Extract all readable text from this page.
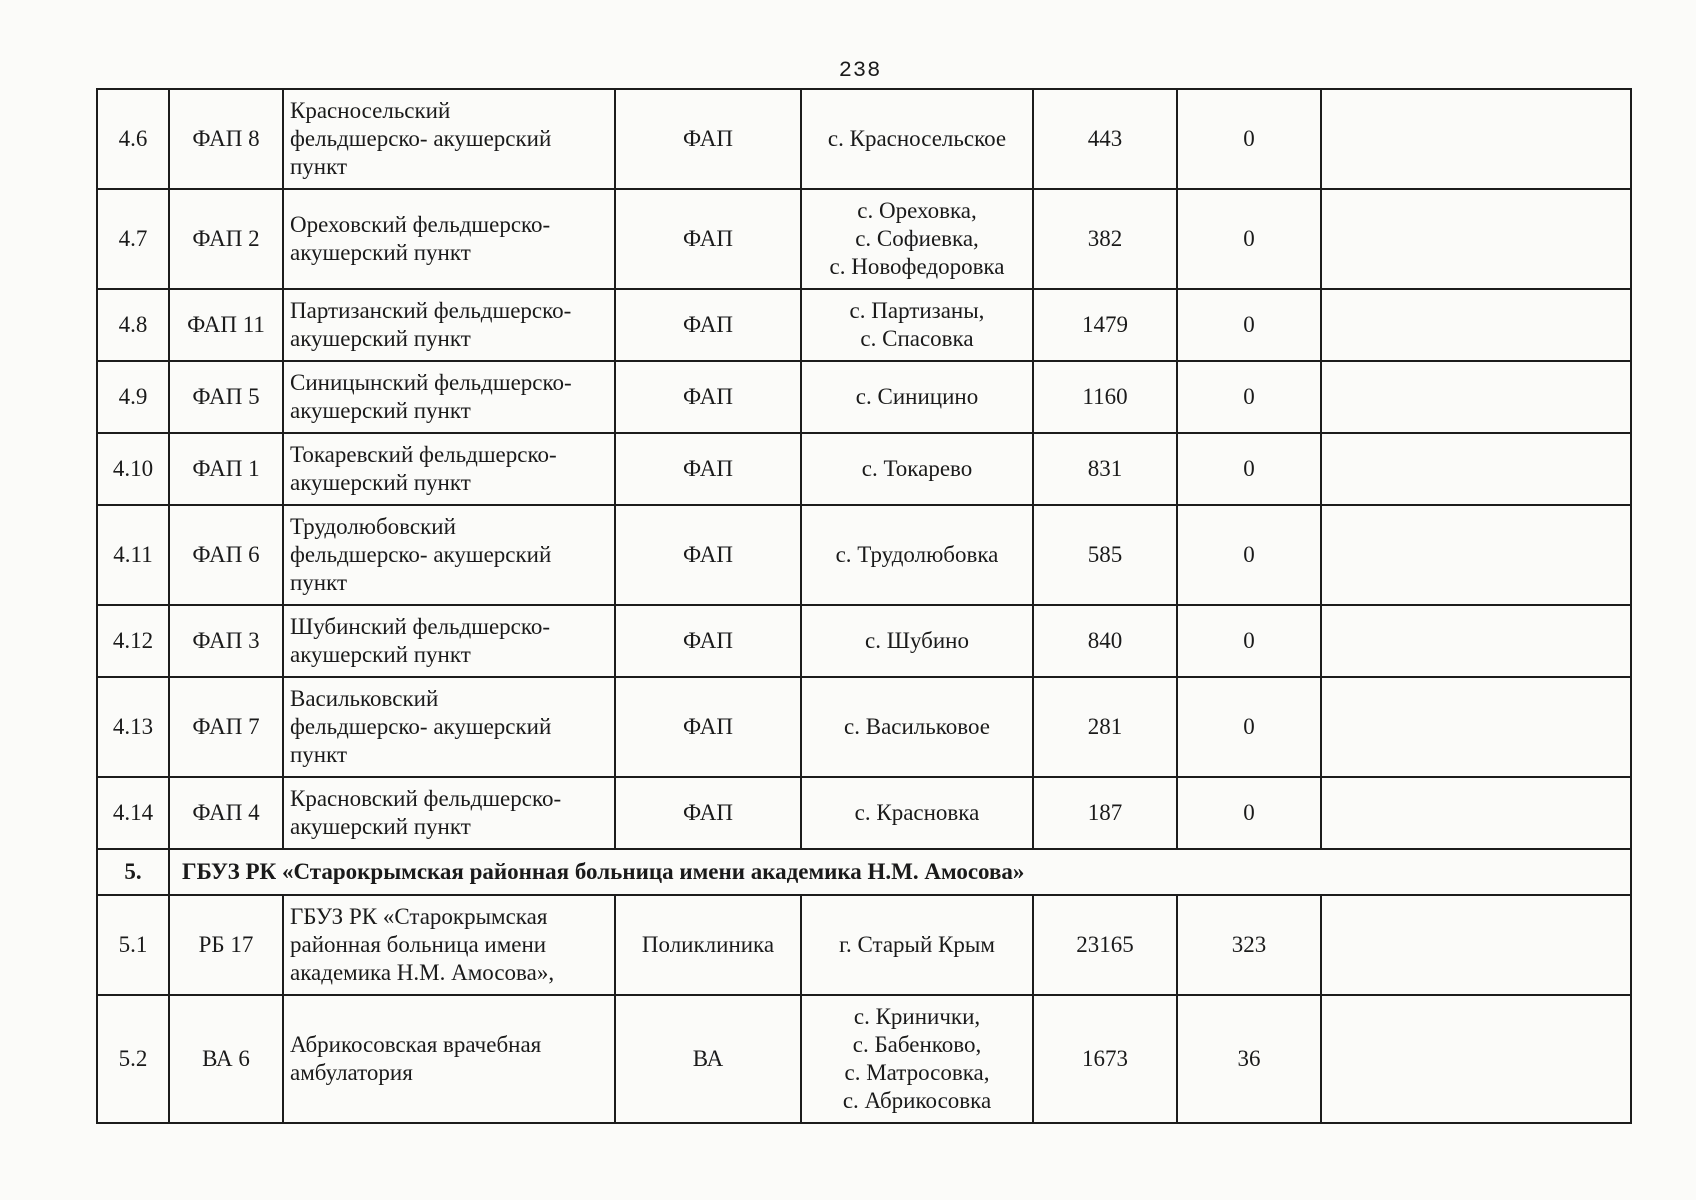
238
4.6	ФАП 8	Красносельский
фельдшерско- акушерский
пункт	ФАП	с. Красносельское	443	0	
4.7	ФАП 2	Ореховский фельдшерско-
акушерский пункт	ФАП	с. Ореховка,
с. Софиевка,
с. Новофедоровка	382	0	
4.8	ФАП 11	Партизанский фельдшерско-
акушерский пункт	ФАП	с. Партизаны,
с. Спасовка	1479	0	
4.9	ФАП 5	Синицынский фельдшерско-
акушерский пункт	ФАП	с. Синицино	1160	0	
4.10	ФАП 1	Токаревский фельдшерско-
акушерский пункт	ФАП	с. Токарево	831	0	
4.11	ФАП 6	Трудолюбовский
фельдшерско- акушерский
пункт	ФАП	с. Трудолюбовка	585	0	
4.12	ФАП 3	Шубинский фельдшерско-
акушерский пункт	ФАП	с. Шубино	840	0	
4.13	ФАП 7	Васильковский
фельдшерско- акушерский
пункт	ФАП	с. Васильковое	281	0	
4.14	ФАП 4	Красновский фельдшерско-
акушерский пункт	ФАП	с. Красновка	187	0	
5.	ГБУЗ РК «Старокрымская районная больница имени академика Н.М. Амосова»						
5.1	РБ 17	ГБУЗ РК «Старокрымская
районная больница имени
академика Н.М. Амосова»,	Поликлиника	г. Старый Крым	23165	323	
5.2	ВА 6	Абрикосовская врачебная
амбулатория	ВА	с. Кринички,
с. Бабенково,
с. Матросовка,
с. Абрикосовка	1673	36	
